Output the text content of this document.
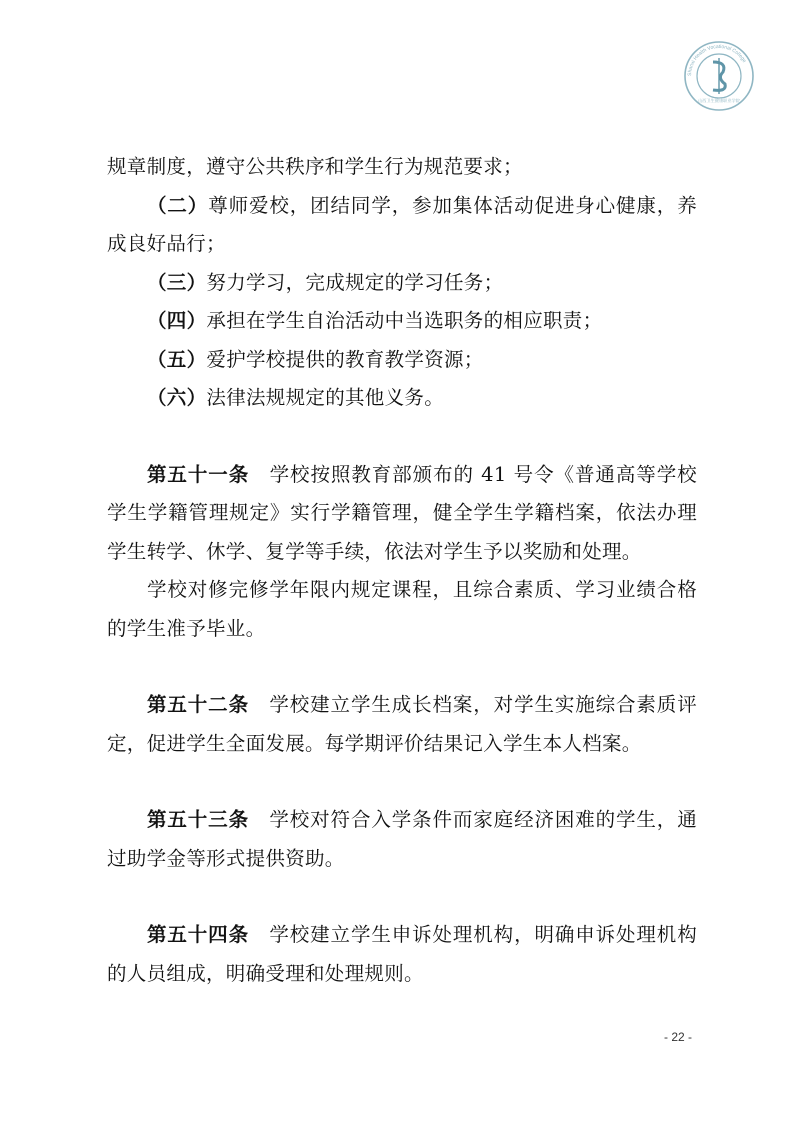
Shanxi Health Vocational College
山西卫生健康职业学院

规章制度，遵守公共秩序和学生行为规范要求；

（二）尊师爱校，团结同学，参加集体活动促进身心健康，养成良好品行；

（三）努力学习，完成规定的学习任务；

（四）承担在学生自治活动中当选职务的相应职责；

（五）爱护学校提供的教育教学资源；

（六）法律法规规定的其他义务。

第五十一条　 学校按照教育部颁布的 41 号令《普通高等学校学生学籍管理规定》实行学籍管理，健全学生学籍档案，依法办理学生转学、休学、复学等手续，依法对学生予以奖励和处理。

学校对修完修学年限内规定课程，且综合素质、学习业绩合格的学生准予毕业。

第五十二条　 学校建立学生成长档案，对学生实施综合素质评定，促进学生全面发展。每学期评价结果记入学生本人档案。

第五十三条　 学校对符合入学条件而家庭经济困难的学生，通过助学金等形式提供资助。

第五十四条　 学校建立学生申诉处理机构，明确申诉处理机构的人员组成，明确受理和处理规则。

- 22 -
